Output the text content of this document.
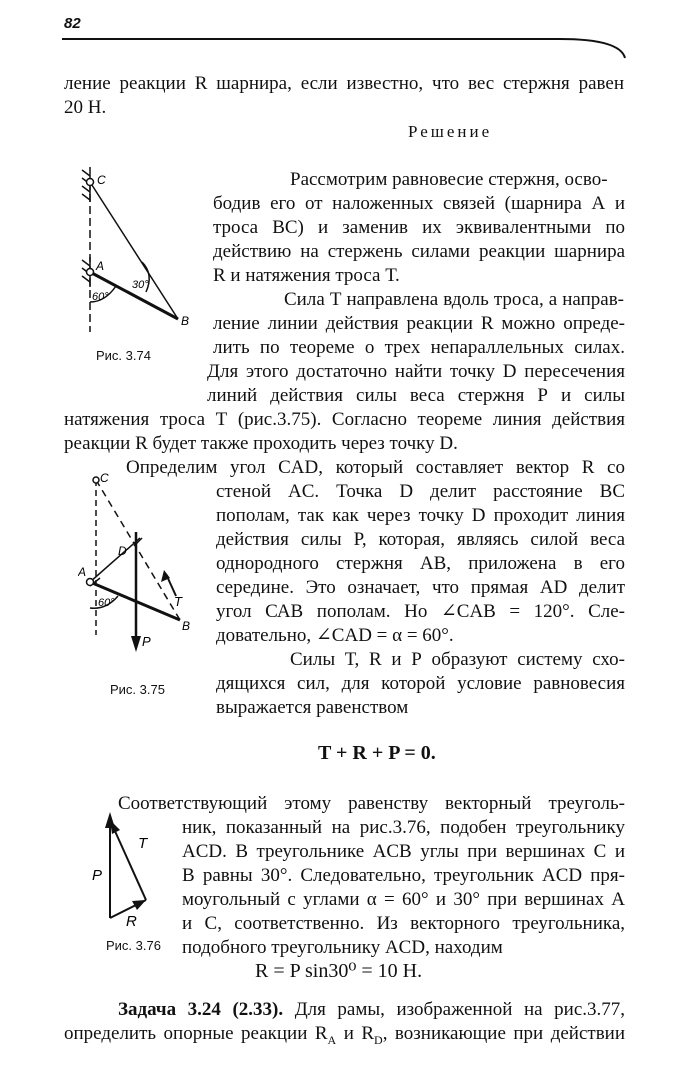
82
ление реакции R шарнира, если известно, что вес стержня равен
20 Н.
Решение
C
A
B
60°
30°
Рис. 3.74
Рассмотрим равновесие стержня, осво-
бодив его от наложенных связей (шарнира А и
троса ВС) и заменив их эквивалентными по
действию на стержень силами реакции шарнира
R и натяжения троса Т.
Сила Т направлена вдоль троса, а направ-
ление линии действия реакции R можно опреде-
лить по теореме о трех непараллельных силах.
Для этого достаточно найти точку D пересечения
линий действия силы веса стержня Р и силы
натяжения троса Т (рис.3.75). Согласно теореме линия действия
реакции R будет также проходить через точку D.
Определим угол CAD, который составляет вектор R со
C
D
A
B
T
P
60°
Рис. 3.75
стеной AC. Точка D делит расстояние ВС
пополам, так как через точку D проходит линия
действия силы Р, которая, являясь силой веса
однородного стержня АВ, приложена в его
середине. Это означает, что прямая AD делит
угол САВ пополам. Но ∠CAB = 120°. Сле-
довательно, ∠CAD = α = 60°.
Силы Т, R и Р образуют систему схо-
дящихся сил, для которой условие равновесия
выражается равенством
T + R + P = 0.
Соответствующий этому равенству векторный треуголь-
T
P
R
Рис. 3.76
ник, показанный на рис.3.76, подобен треугольнику
ACD. В треугольнике ACB углы при вершинах С и
В равны 30°. Следовательно, треугольник ACD пря-
моугольный с углами α = 60° и 30° при вершинах А
и С, соответственно. Из векторного треугольника,
подобного треугольнику ACD, находим
R = P sin30⁰ = 10 Н.
Задача 3.24 (2.33). Для рамы, изображенной на рис.3.77,
определить опорные реакции $R_A$ и $R_D$, возникающие при действии
